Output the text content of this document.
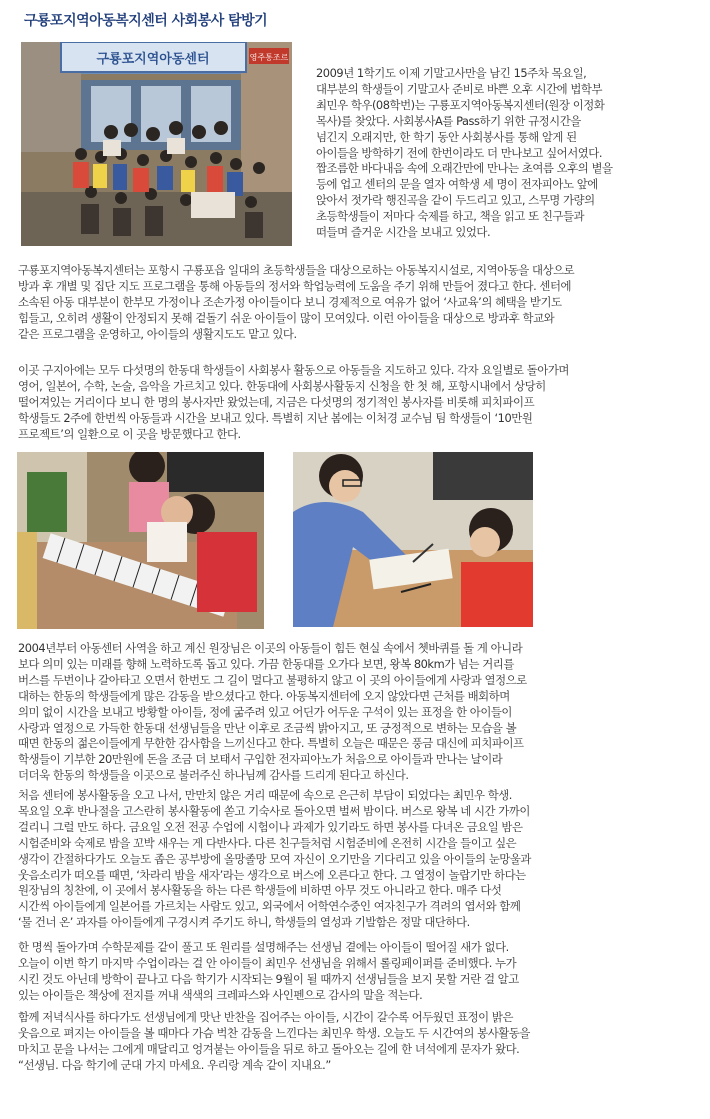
구룡포지역아동복지센터 사회봉사 탐방기
구룡포지역아동센터	영주통조르

2009년 1학기도 이제 기말고사만을 남긴 15주차 목요일,
대부분의 학생들이 기말고사 준비로 바쁜 오후 시간에 법학부
최민우 학우(08학번)는 구룡포지역아동복지센터(원장 이정화
목사)를 찾았다. 사회봉사A를 Pass하기 위한 규정시간을
넘긴지 오래지만, 한 학기 동안 사회봉사를 통해 알게 된
아이들을 방학하기 전에 한번이라도 더 만나보고 싶어서였다.
짭조름한 바다내음 속에 오래간만에 만나는 초여름 오후의 볕을
등에 업고 센터의 문을 열자 여학생 세 명이 전자피아노 앞에
앉아서 젓가락 행진곡을 같이 두드리고 있고, 스무명 가량의
초등학생들이 저마다 숙제를 하고, 책을 읽고 또 친구들과
떠들며 즐거운 시간을 보내고 있었다.

구룡포지역아동복지센터는 포항시 구룡포읍 일대의 초등학생들을 대상으로하는 아동복지시설로, 지역아동을 대상으로
방과 후 개별 및 집단 지도 프로그램을 통해 아동들의 정서와 학업능력에 도움을 주기 위해 만들어 졌다고 한다. 센터에
소속된 아동 대부분이 한부모 가정이나 조손가정 아이들이다 보니 경제적으로 여유가 없어 ‘사교육’의 혜택을 받기도
힘들고, 오히려 생활이 안정되지 못해 겉돌기 쉬운 아이들이 많이 모여있다. 이런 아이들을 대상으로 방과후 학교와
같은 프로그램을 운영하고, 아이들의 생활지도도 맡고 있다.

이곳 구지아에는 모두 다섯명의 한동대 학생들이 사회봉사 활동으로 아동들을 지도하고 있다. 각자 요일별로 돌아가며
영어, 일본어, 수학, 논술, 음악을 가르치고 있다. 한동대에 사회봉사활동지 신청을 한 첫 해, 포항시내에서 상당히
떨어져있는 거리이다 보니 한 명의 봉사자만 왔었는데, 지금은 다섯명의 정기적인 봉사자를 비롯해 피치파이프
학생들도 2주에 한번씩 아동들과 시간을 보내고 있다. 특별히 지난 봄에는 이처경 교수님 팀 학생들이 ‘10만원
프로젝트’의 일환으로 이 곳을 방문했다고 한다.

2004년부터 아동센터 사역을 하고 계신 원장님은 이곳의 아동들이 힘든 현실 속에서 쳇바퀴를 돌 게 아니라
보다 의미 있는 미래를 향해 노력하도록 돕고 있다. 가끔 한동대를 오가다 보면, 왕복 80km가 넘는 거리를
버스를 두번이나 갈아타고 오면서 한번도 그 길이 멀다고 불평하지 않고 이 곳의 아이들에게 사랑과 열정으로
대하는 한동의 학생들에게 많은 감동을 받으셨다고 한다. 아동복지센터에 오지 않았다면 근처를 배회하며
의미 없이 시간을 보내고 방황할 아이들, 정에 굶주려 있고 어딘가 어두운 구석이 있는 표정을 한 아이들이
사랑과 열정으로 가득한 한동대 선생님들을 만난 이후로 조금씩 밝아지고, 또 긍정적으로 변하는 모습을 볼
때면 한동의 젊은이들에게 무한한 감사함을 느끼신다고 한다. 특별히 오늘은 때문은 풍금 대신에 피치파이프
학생들이 기부한 20만원에 돈을 조금 더 보태서 구입한 전자피아노가 처음으로 아이들과 만나는 날이라
더더욱 한동의 학생들을 이곳으로 불러주신 하나님께 감사를 드리게 된다고 하신다.

처음 센터에 봉사활동을 오고 나서, 만만치 않은 거리 때문에 속으로 은근히 부담이 되었다는 최민우 학생.
목요일 오후 반나절을 고스란히 봉사활동에 쏟고 기숙사로 돌아오면 벌써 밤이다. 버스로 왕복 네 시간 가까이
걸리니 그럴 만도 하다. 금요일 오전 전공 수업에 시험이나 과제가 있기라도 하면 봉사를 다녀온 금요일 밤은
시험준비와 숙제로 밤을 꼬박 새우는 게 다반사다. 다른 친구들처럼 시험준비에 온전히 시간을 들이고 싶은
생각이 간절하다가도 오늘도 좁은 공부방에 올망졸망 모여 자신이 오기만을 기다리고 있을 아이들의 눈망울과
웃음소리가 떠오를 때면, ‘차라리 밤을 새자’라는 생각으로 버스에 오른다고 한다. 그 열정이 놀랍기만 하다는
원장님의 칭찬에, 이 곳에서 봉사활동을 하는 다른 학생들에 비하면 아무 것도 아니라고 한다. 매주 다섯
시간씩 아이들에게 일본어를 가르치는 사람도 있고, 외국에서 어학연수중인 여자친구가 격려의 엽서와 함께
‘물 건너 온’ 과자를 아이들에게 구경시켜 주기도 하니, 학생들의 열성과 기발함은 정말 대단하다.

한 명씩 돌아가며 수학문제를 같이 풀고 또 원리를 설명해주는 선생님 곁에는 아이들이 떨어질 새가 없다.
오늘이 이번 학기 마지막 수업이라는 걸 안 아이들이 최민우 선생님을 위해서 롤링페이퍼를 준비했다. 누가
시킨 것도 아닌데 방학이 끝나고 다음 학기가 시작되는 9월이 될 때까지 선생님들을 보지 못할 거란 걸 알고
있는 아이들은 책상에 전지를 꺼내 색색의 크레파스와 사인펜으로 감사의 말을 적는다.

함께 저녁식사를 하다가도 선생님에게 맛난 반찬을 집어주는 아이들, 시간이 갈수록 어두웠던 표정이 밝은
웃음으로 펴지는 아이들을 볼 때마다 가슴 벅찬 감동을 느낀다는 최민우 학생. 오늘도 두 시간여의 봉사활동을
마치고 문을 나서는 그에게 매달리고 엉겨붙는 아이들을 뒤로 하고 돌아오는 길에 한 녀석에게 문자가 왔다.
“선생님. 다음 학기에 군대 가지 마세요. 우리랑 계속 같이 지내요.”
